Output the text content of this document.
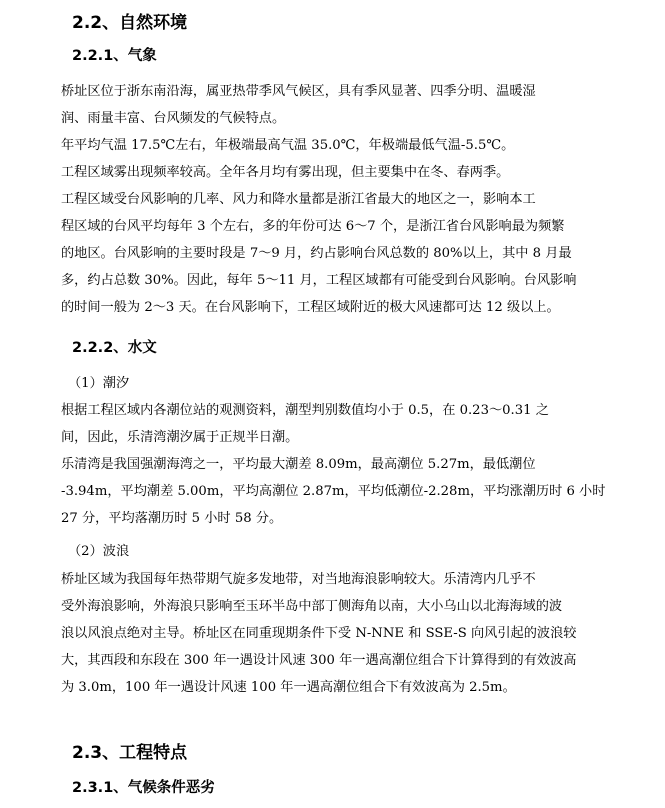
2.2、自然环境
2.2.1、气象
桥址区位于浙东南沿海，属亚热带季风气候区，具有季风显著、四季分明、温暖湿
润、雨量丰富、台风频发的气候特点。
年平均气温 17.5℃左右，年极端最高气温 35.0℃，年极端最低气温-5.5℃。
工程区域雾出现频率较高。全年各月均有雾出现，但主要集中在冬、春两季。
工程区域受台风影响的几率、风力和降水量都是浙江省最大的地区之一，影响本工
程区域的台风平均每年 3 个左右，多的年份可达 6～7 个，是浙江省台风影响最为频繁
的地区。台风影响的主要时段是 7～9 月，约占影响台风总数的 80%以上，其中 8 月最
多，约占总数 30%。因此，每年 5～11 月，工程区域都有可能受到台风影响。台风影响
的时间一般为 2～3 天。在台风影响下，工程区域附近的极大风速都可达 12 级以上。
2.2.2、水文
（1）潮汐
根据工程区域内各潮位站的观测资料，潮型判别数值均小于 0.5，在 0.23～0.31 之
间，因此，乐清湾潮汐属于正规半日潮。
乐清湾是我国强潮海湾之一，平均最大潮差 8.09m，最高潮位 5.27m，最低潮位
-3.94m，平均潮差 5.00m，平均高潮位 2.87m，平均低潮位-2.28m，平均涨潮历时 6 小时
27 分，平均落潮历时 5 小时 58 分。
（2）波浪
桥址区域为我国每年热带期气旋多发地带，对当地海浪影响较大。乐清湾内几乎不
受外海浪影响，外海浪只影响至玉环半岛中部丁侧海角以南，大小乌山以北海海域的波
浪以风浪点绝对主导。桥址区在同重现期条件下受 N-NNE 和 SSE-S 向风引起的波浪较
大，其西段和东段在 300 年一遇设计风速 300 年一遇高潮位组合下计算得到的有效波高
为 3.0m，100 年一遇设计风速 100 年一遇高潮位组合下有效波高为 2.5m。
2.3、工程特点
2.3.1、气候条件恶劣
